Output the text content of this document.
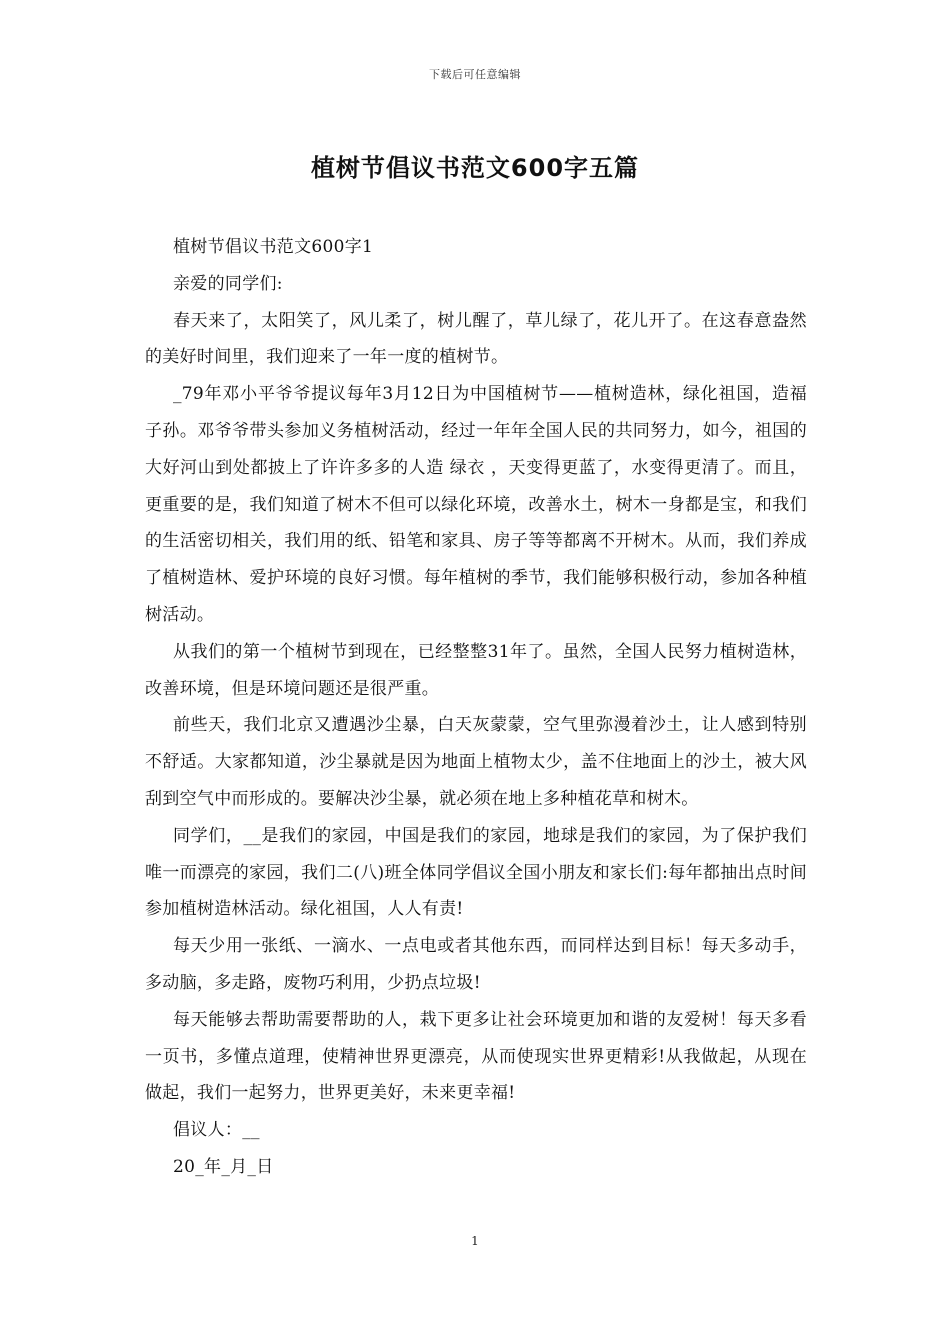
下载后可任意编辑
植树节倡议书范文600字五篇

植树节倡议书范文600字1

亲爱的同学们:

春天来了，太阳笑了，风儿柔了，树儿醒了，草儿绿了，花儿开了。在这春意盎然的美好时间里，我们迎来了一年一度的植树节。

_79年邓小平爷爷提议每年3月12日为中国植树节——植树造林，绿化祖国，造福子孙。邓爷爷带头参加义务植树活动，经过一年年全国人民的共同努力，如今，祖国的大好河山到处都披上了许许多多的人造 绿衣 ，天变得更蓝了，水变得更清了。而且，更重要的是，我们知道了树木不但可以绿化环境，改善水土，树木一身都是宝，和我们的生活密切相关，我们用的纸、铅笔和家具、房子等等都离不开树木。从而，我们养成了植树造林、爱护环境的良好习惯。每年植树的季节，我们能够积极行动，参加各种植树活动。

从我们的第一个植树节到现在，已经整整31年了。虽然，全国人民努力植树造林，改善环境，但是环境问题还是很严重。

前些天，我们北京又遭遇沙尘暴，白天灰蒙蒙，空气里弥漫着沙土，让人感到特别不舒适。大家都知道，沙尘暴就是因为地面上植物太少，盖不住地面上的沙土，被大风刮到空气中而形成的。要解决沙尘暴，就必须在地上多种植花草和树木。

同学们，__是我们的家园，中国是我们的家园，地球是我们的家园，为了保护我们唯一而漂亮的家园，我们二(八)班全体同学倡议全国小朋友和家长们:每年都抽出点时间参加植树造林活动。绿化祖国，人人有责!

每天少用一张纸、一滴水、一点电或者其他东西，而同样达到目标！每天多动手，多动脑，多走路，废物巧利用，少扔点垃圾!

每天能够去帮助需要帮助的人，栽下更多让社会环境更加和谐的友爱树！每天多看一页书，多懂点道理，使精神世界更漂亮，从而使现实世界更精彩!从我做起，从现在做起，我们一起努力，世界更美好，未来更幸福!

倡议人：__

20_年_月_日

1
